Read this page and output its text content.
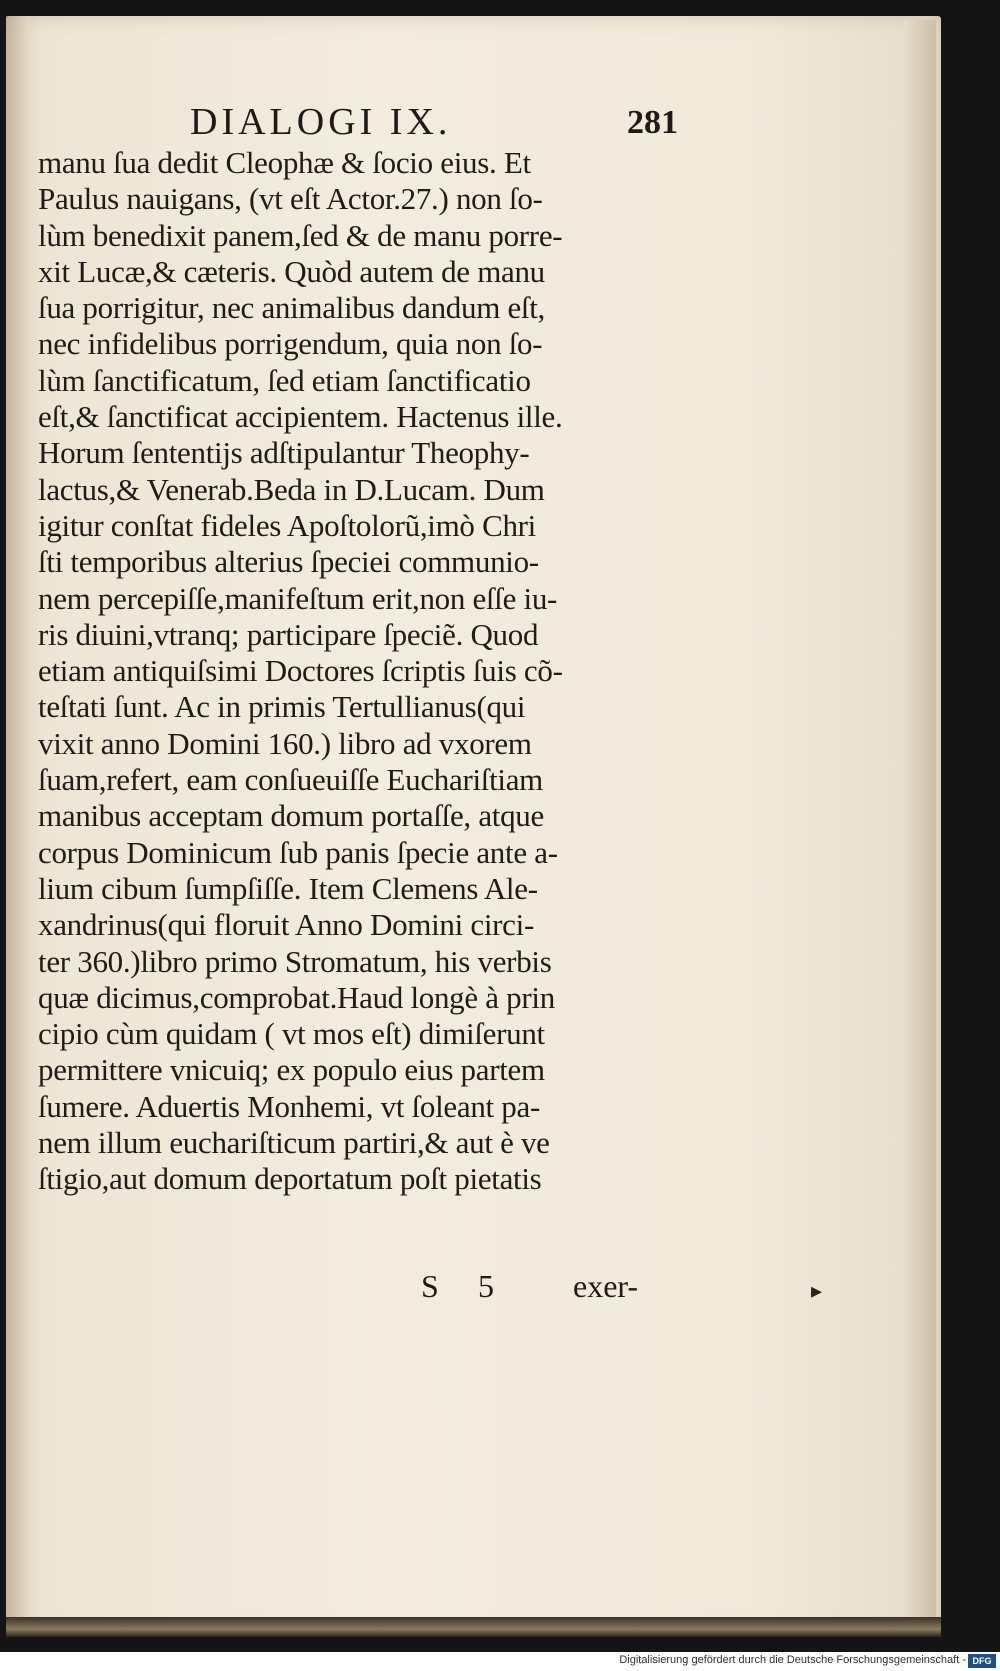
DIALOGI IX.	281
manu ſua dedit Cleophæ & ſocio eius. Et
Paulus nauigans, (vt eſt Actor.27.) non ſo-
lùm benedixit panem,ſed & de manu porre-
xit Lucæ,& cæteris. Quòd autem de manu
ſua porrigitur, nec animalibus dandum eſt,
nec infidelibus porrigendum, quia non ſo-
lùm ſanctificatum, ſed etiam ſanctificatio
eſt,& ſanctificat accipientem. Hactenus ille.
Horum ſententijs adſtipulantur Theophy-
lactus,& Venerab.Beda in D.Lucam. Dum
igitur conſtat fideles Apoſtolorũ,imò Chri
ſti temporibus alterius ſpeciei communio-
nem percepiſſe,manifeſtum erit,non eſſe iu-
ris diuini,vtranq; participare ſpeciẽ. Quod
etiam antiquiſsimi Doctores ſcriptis ſuis cõ-
teſtati ſunt. Ac in primis Tertullianus(qui
vixit anno Domini 160.) libro ad vxorem
ſuam,refert, eam conſueuiſſe Euchariſtiam
manibus acceptam domum portaſſe, atque
corpus Dominicum ſub panis ſpecie ante a-
lium cibum ſumpſiſſe. Item Clemens Ale-
xandrinus(qui floruit Anno Domini circi-
ter 360.)libro primo Stromatum, his verbis
quæ dicimus,comprobat.Haud longè à prin
cipio cùm quidam ( vt mos eſt) dimiſerunt
permittere vnicuiq; ex populo eius partem
ſumere. Aduertis Monhemi, vt ſoleant pa-
nem illum euchariſticum partiri,& aut è ve
ſtigio,aut domum deportatum poſt pietatis
S 5 exer-	▸
Digitalisierung gefördert durch die Deutsche Forschungsgemeinschaft - DFG
